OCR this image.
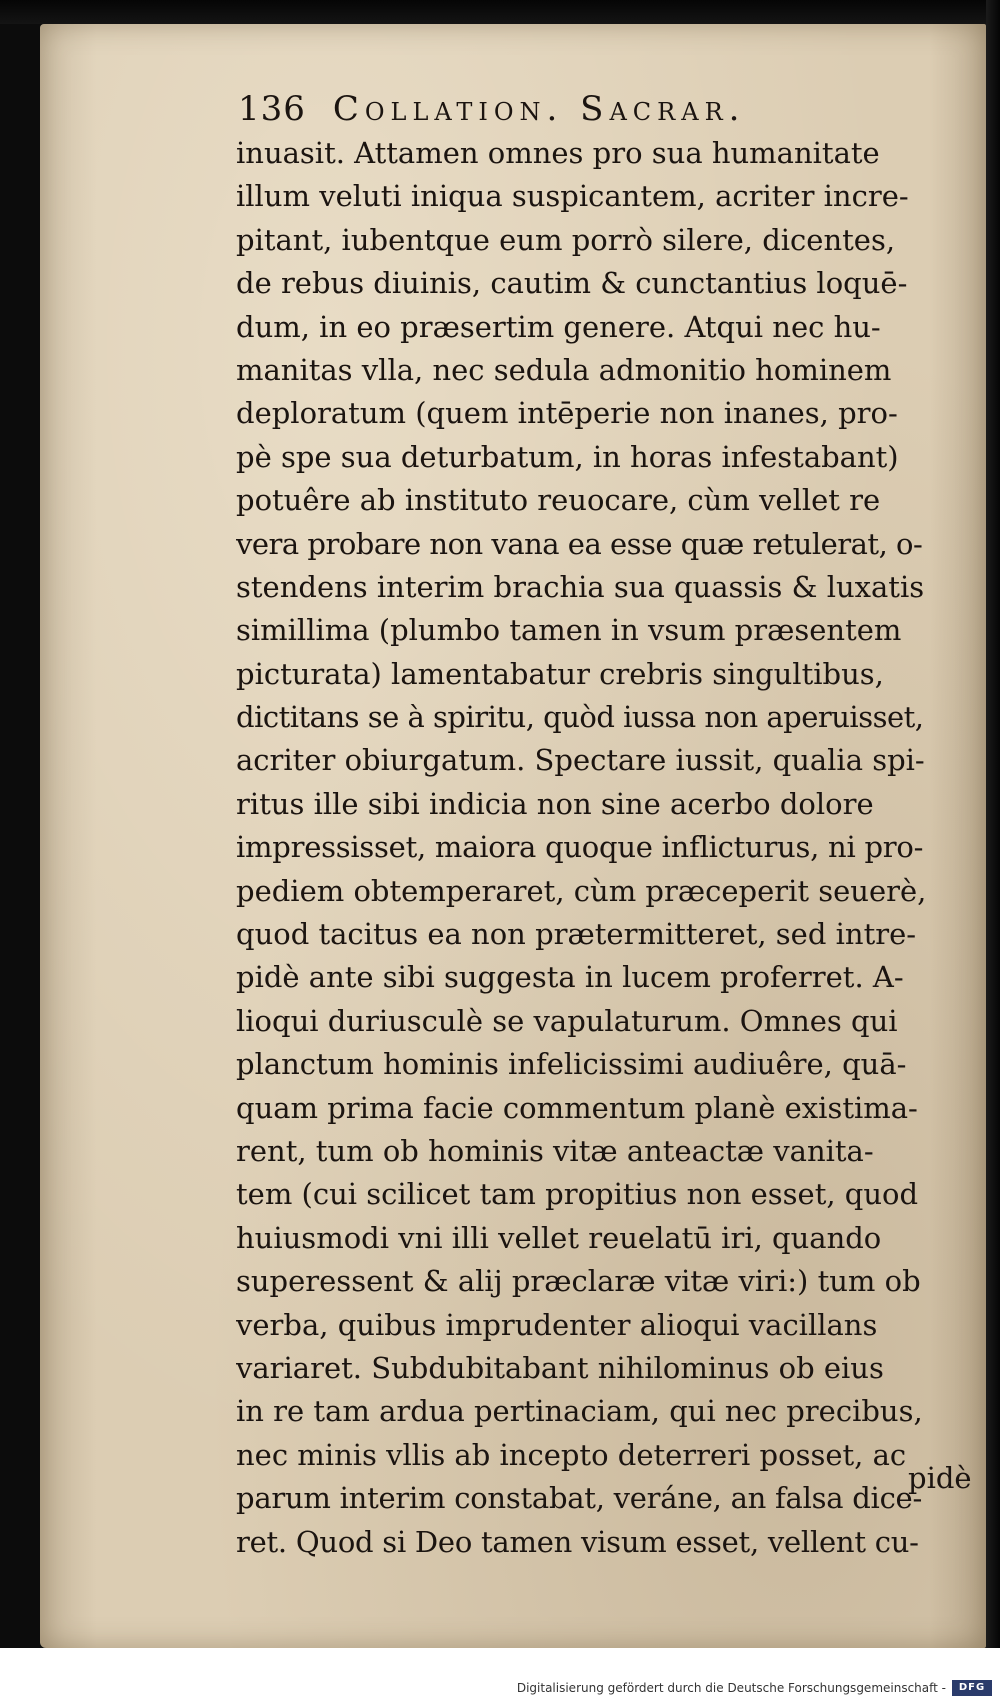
136 Collation. Sacrar.
inuasit. Attamen omnes pro sua humanitate
illum veluti iniqua suspicantem, acriter incre-
pitant, iubentque eum porrò silere, dicentes,
de rebus diuinis, cautim & cunctantius loquē-
dum, in eo præsertim genere. Atqui nec hu-
manitas vlla, nec sedula admonitio hominem
deploratum (quem intēperie non inanes, pro-
pè spe sua deturbatum, in horas infestabant)
potuêre ab instituto reuocare, cùm vellet re
vera probare non vana ea esse quæ retulerat, o-
stendens interim brachia sua quassis & luxatis
simillima (plumbo tamen in vsum præsentem
picturata) lamentabatur crebris singultibus,
dictitans se à spiritu, quòd iussa non aperuisset,
acriter obiurgatum. Spectare iussit, qualia spi-
ritus ille sibi indicia non sine acerbo dolore
impressisset, maiora quoque inflicturus, ni pro-
pediem obtemperaret, cùm præceperit seuerè,
quod tacitus ea non prætermitteret, sed intre-
pidè ante sibi suggesta in lucem proferret. A-
lioqui duriusculè se vapulaturum. Omnes qui
planctum hominis infelicissimi audiuêre, quā-
quam prima facie commentum planè existima-
rent, tum ob hominis vitæ anteactæ vanita-
tem (cui scilicet tam propitius non esset, quod
huiusmodi vni illi vellet reuelatū iri, quando
superessent & alij præclaræ vitæ viri:) tum ob
verba, quibus imprudenter alioqui vacillans
variaret. Subdubitabant nihilominus ob eius
in re tam ardua pertinaciam, qui nec precibus,
nec minis vllis ab incepto deterreri posset, ac
parum interim constabat, veráne, an falsa dice-
ret. Quod si Deo tamen visum esset, vellent cu-
pidè
Digitalisierung gefördert durch die Deutsche Forschungsgemeinschaft -	DFG
